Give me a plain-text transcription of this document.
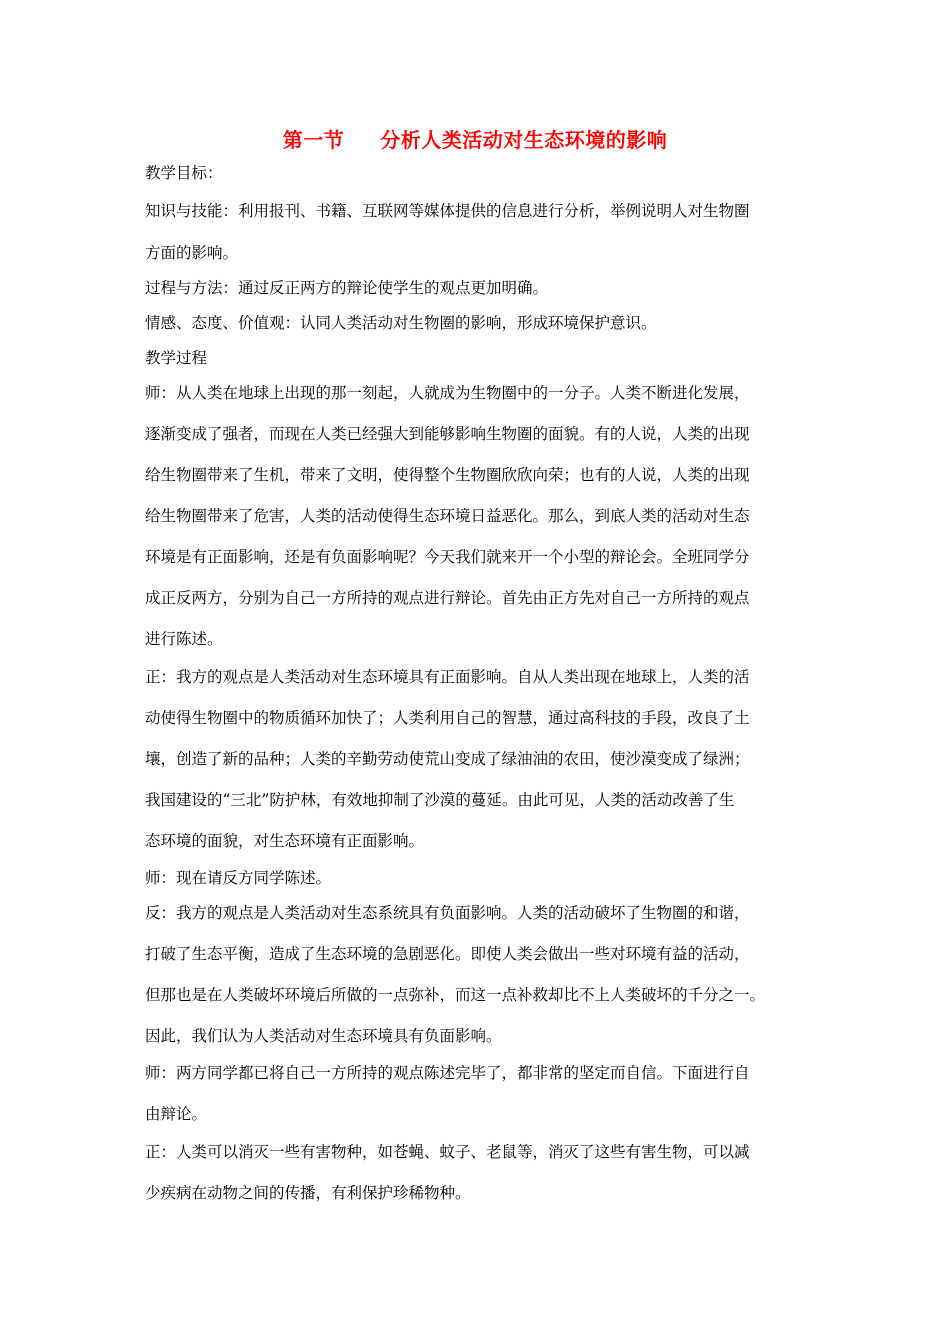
第一节 分析人类活动对生态环境的影响
教学目标：
知识与技能：利用报刊、书籍、互联网等媒体提供的信息进行分析，举例说明人对生物圈
方面的影响。
过程与方法：通过反正两方的辩论使学生的观点更加明确。
情感、态度、价值观：认同人类活动对生物圈的影响，形成环境保护意识。
教学过程
师：从人类在地球上出现的那一刻起，人就成为生物圈中的一分子。人类不断进化发展，
逐渐变成了强者，而现在人类已经强大到能够影响生物圈的面貌。有的人说，人类的出现
给生物圈带来了生机，带来了文明，使得整个生物圈欣欣向荣；也有的人说，人类的出现
给生物圈带来了危害，人类的活动使得生态环境日益恶化。那么，到底人类的活动对生态
环境是有正面影响，还是有负面影响呢？今天我们就来开一个小型的辩论会。全班同学分
成正反两方，分别为自己一方所持的观点进行辩论。首先由正方先对自己一方所持的观点
进行陈述。
正：我方的观点是人类活动对生态环境具有正面影响。自从人类出现在地球上，人类的活
动使得生物圈中的物质循环加快了；人类利用自己的智慧，通过高科技的手段，改良了土
壤，创造了新的品种；人类的辛勤劳动使荒山变成了绿油油的农田，使沙漠变成了绿洲；
我国建设的“三北”防护林，有效地抑制了沙漠的蔓延。由此可见，人类的活动改善了生
态环境的面貌，对生态环境有正面影响。
师：现在请反方同学陈述。
反：我方的观点是人类活动对生态系统具有负面影响。人类的活动破坏了生物圈的和谐，
打破了生态平衡，造成了生态环境的急剧恶化。即使人类会做出一些对环境有益的活动，
但那也是在人类破坏环境后所做的一点弥补，而这一点补救却比不上人类破坏的千分之一。
因此，我们认为人类活动对生态环境具有负面影响。
师：两方同学都已将自己一方所持的观点陈述完毕了，都非常的坚定而自信。下面进行自
由辩论。
正：人类可以消灭一些有害物种，如苍蝇、蚊子、老鼠等，消灭了这些有害生物，可以减
少疾病在动物之间的传播，有利保护珍稀物种。
